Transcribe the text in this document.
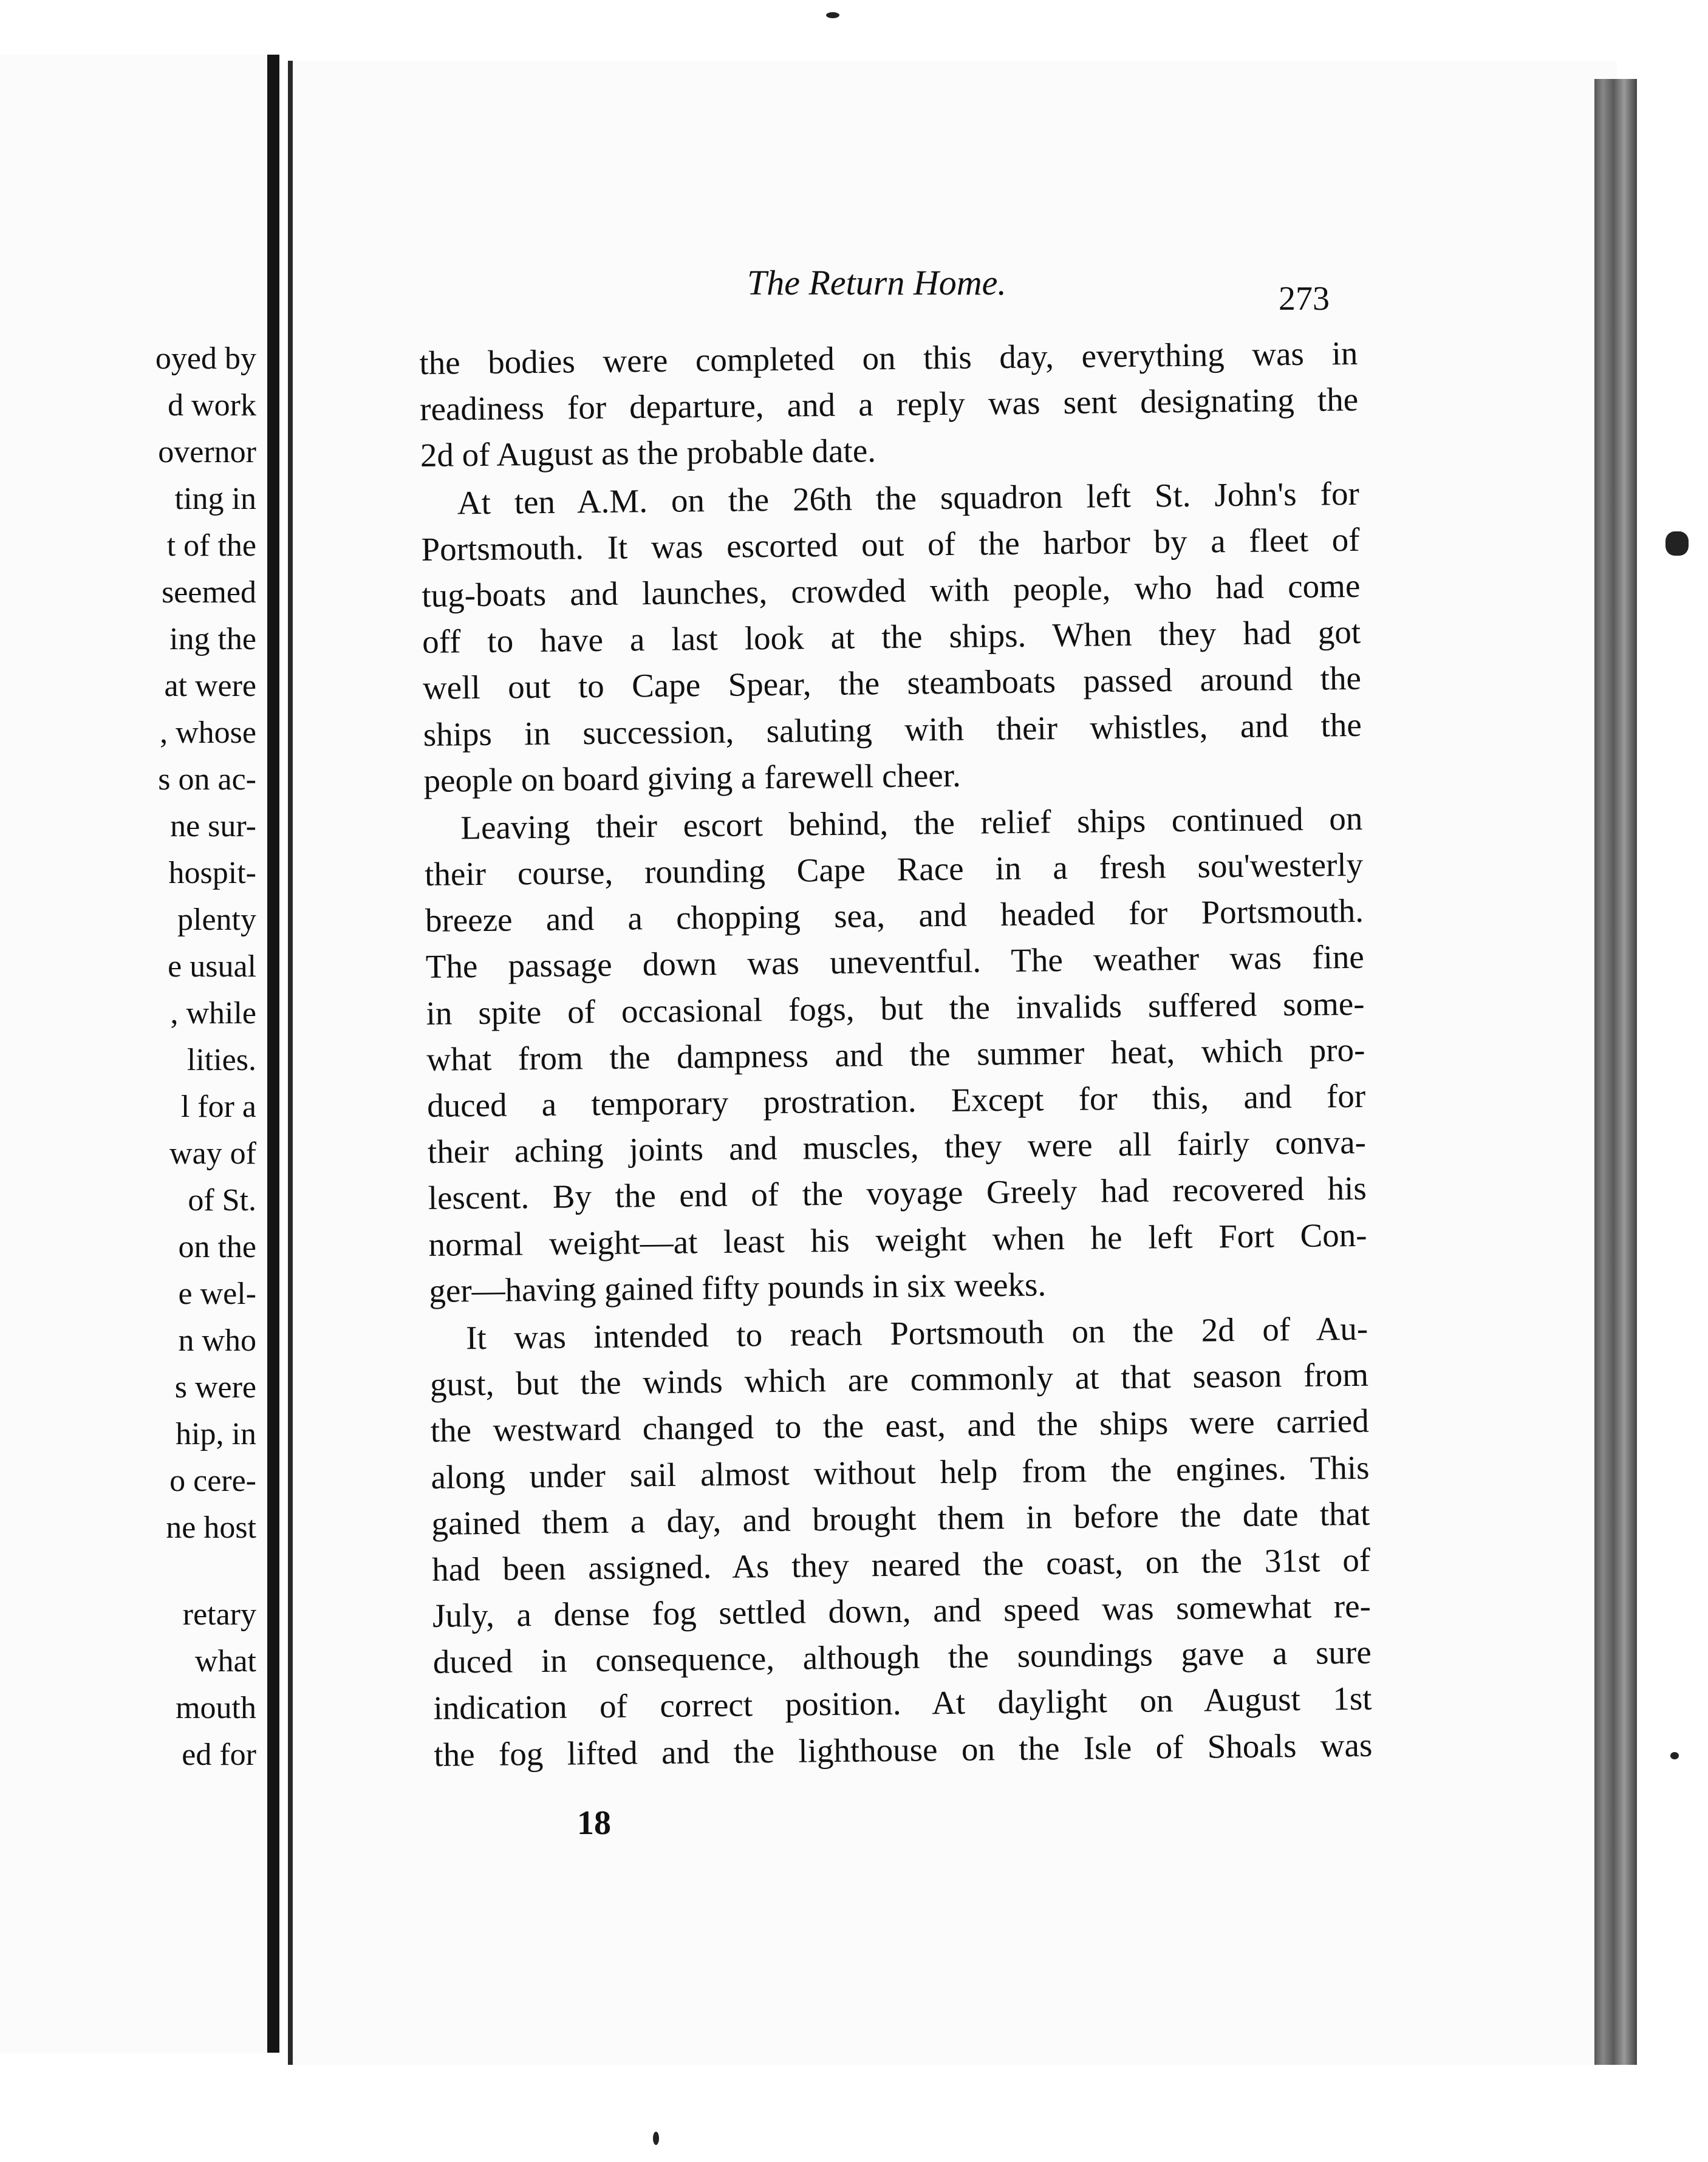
oyed by
d work
overnor
ting in
t of the
seemed
ing the
at were
, whose
s on ac-
ne sur-
hospit-
plenty
e usual
, while
lities.
l for a
way of
of St.
on the
e wel-
n who
s were
hip, in
o cere-
ne host
retary
what
mouth
ed for
The Return Home.	273
the bodies were completed on this day, everything was in
readiness for departure, and a reply was sent designating the
2d of August as the probable date.
At ten A.M. on the 26th the squadron left St. John's for
Portsmouth. It was escorted out of the harbor by a fleet of
tug-boats and launches, crowded with people, who had come
off to have a last look at the ships. When they had got
well out to Cape Spear, the steamboats passed around the
ships in succession, saluting with their whistles, and the
people on board giving a farewell cheer.
Leaving their escort behind, the relief ships continued on
their course, rounding Cape Race in a fresh sou'westerly
breeze and a chopping sea, and headed for Portsmouth.
The passage down was uneventful. The weather was fine
in spite of occasional fogs, but the invalids suffered some-
what from the dampness and the summer heat, which pro-
duced a temporary prostration. Except for this, and for
their aching joints and muscles, they were all fairly conva-
lescent. By the end of the voyage Greely had recovered his
normal weight—at least his weight when he left Fort Con-
ger—having gained fifty pounds in six weeks.
It was intended to reach Portsmouth on the 2d of Au-
gust, but the winds which are commonly at that season from
the westward changed to the east, and the ships were carried
along under sail almost without help from the engines. This
gained them a day, and brought them in before the date that
had been assigned. As they neared the coast, on the 31st of
July, a dense fog settled down, and speed was somewhat re-
duced in consequence, although the soundings gave a sure
indication of correct position. At daylight on August 1st
the fog lifted and the lighthouse on the Isle of Shoals was
18
